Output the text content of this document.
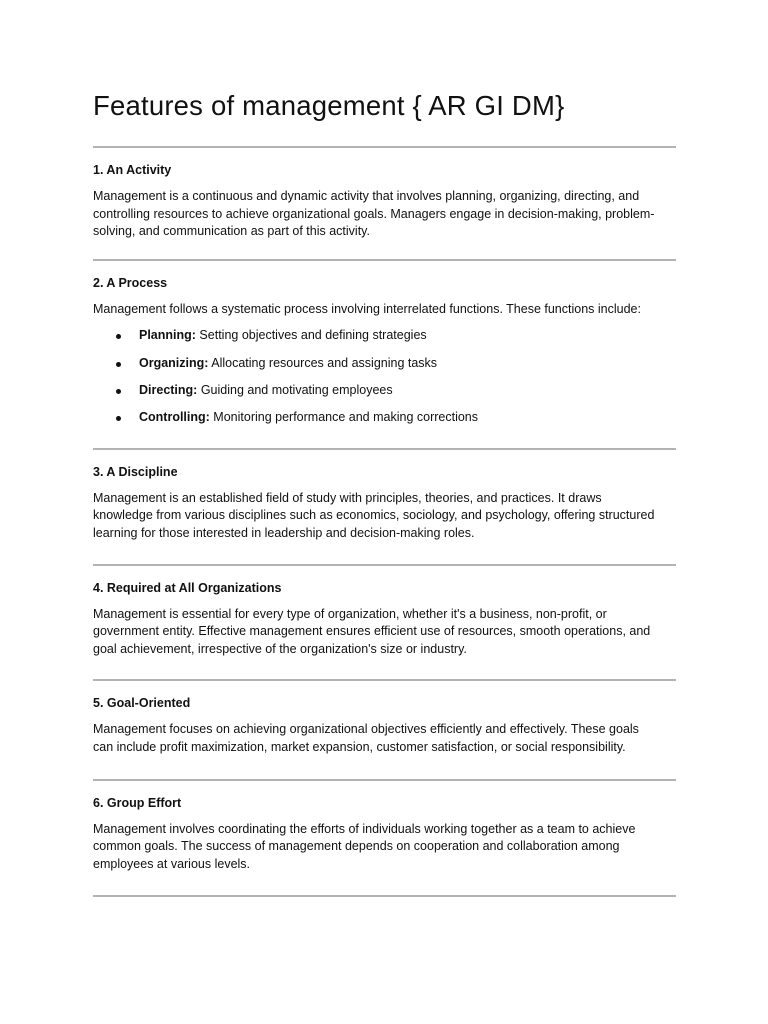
Features of management { AR GI DM}

1. An Activity

Management is a continuous and dynamic activity that involves planning, organizing, directing, and
controlling resources to achieve organizational goals. Managers engage in decision-making, problem-
solving, and communication as part of this activity.

2. A Process

Management follows a systematic process involving interrelated functions. These functions include:

Planning: Setting objectives and defining strategies
Organizing: Allocating resources and assigning tasks
Directing: Guiding and motivating employees
Controlling: Monitoring performance and making corrections

3. A Discipline

Management is an established field of study with principles, theories, and practices. It draws
knowledge from various disciplines such as economics, sociology, and psychology, offering structured
learning for those interested in leadership and decision-making roles.

4. Required at All Organizations

Management is essential for every type of organization, whether it's a business, non-profit, or
government entity. Effective management ensures efficient use of resources, smooth operations, and
goal achievement, irrespective of the organization's size or industry.

5. Goal-Oriented

Management focuses on achieving organizational objectives efficiently and effectively. These goals
can include profit maximization, market expansion, customer satisfaction, or social responsibility.

6. Group Effort

Management involves coordinating the efforts of individuals working together as a team to achieve
common goals. The success of management depends on cooperation and collaboration among
employees at various levels.
